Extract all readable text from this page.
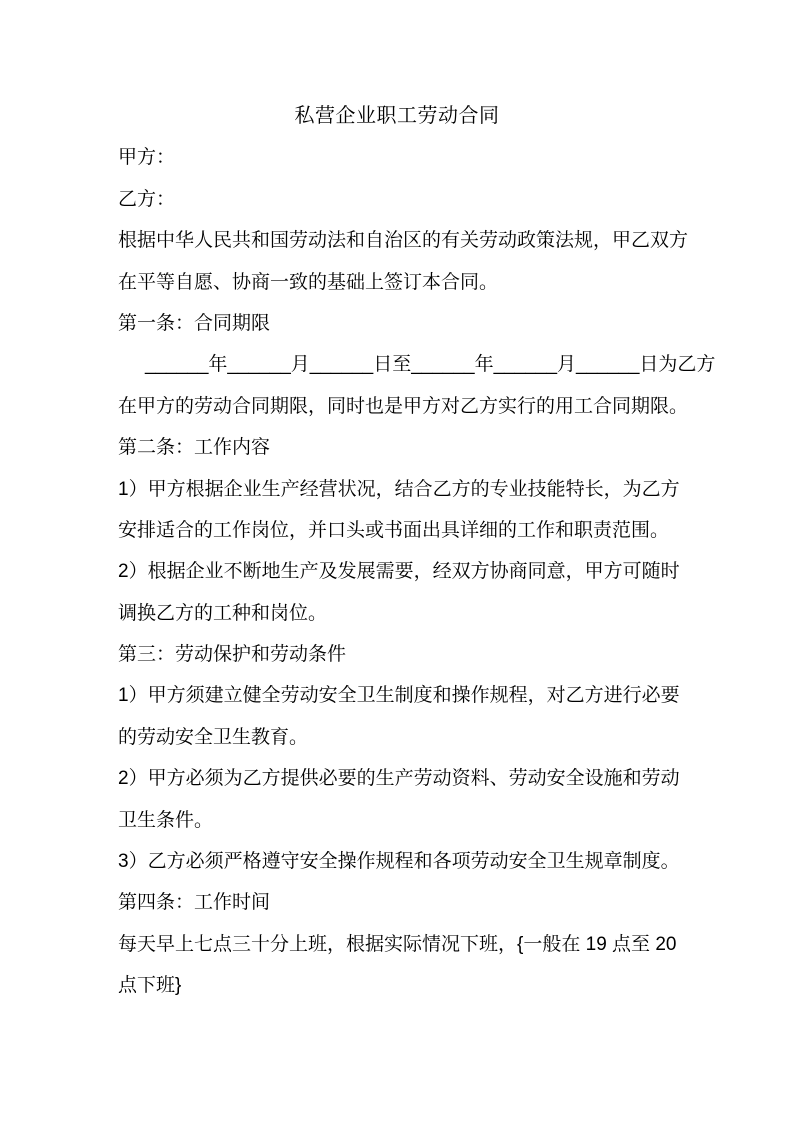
私营企业职工劳动合同
甲方：
乙方：
根据中华人民共和国劳动法和自治区的有关劳动政策法规，甲乙双方
在平等自愿、协商一致的基础上签订本合同。
第一条：合同期限
______年______月______日至______年______月______日为乙方
在甲方的劳动合同期限，同时也是甲方对乙方实行的用工合同期限。
第二条：工作内容
1）甲方根据企业生产经营状况，结合乙方的专业技能特长，为乙方
安排适合的工作岗位，并口头或书面出具详细的工作和职责范围。
2）根据企业不断地生产及发展需要，经双方协商同意，甲方可随时
调换乙方的工种和岗位。
第三：劳动保护和劳动条件
1）甲方须建立健全劳动安全卫生制度和操作规程，对乙方进行必要
的劳动安全卫生教育。
2）甲方必须为乙方提供必要的生产劳动资料、劳动安全设施和劳动
卫生条件。
3）乙方必须严格遵守安全操作规程和各项劳动安全卫生规章制度。
第四条：工作时间
每天早上七点三十分上班，根据实际情况下班，{一般在 19 点至 20
点下班}
